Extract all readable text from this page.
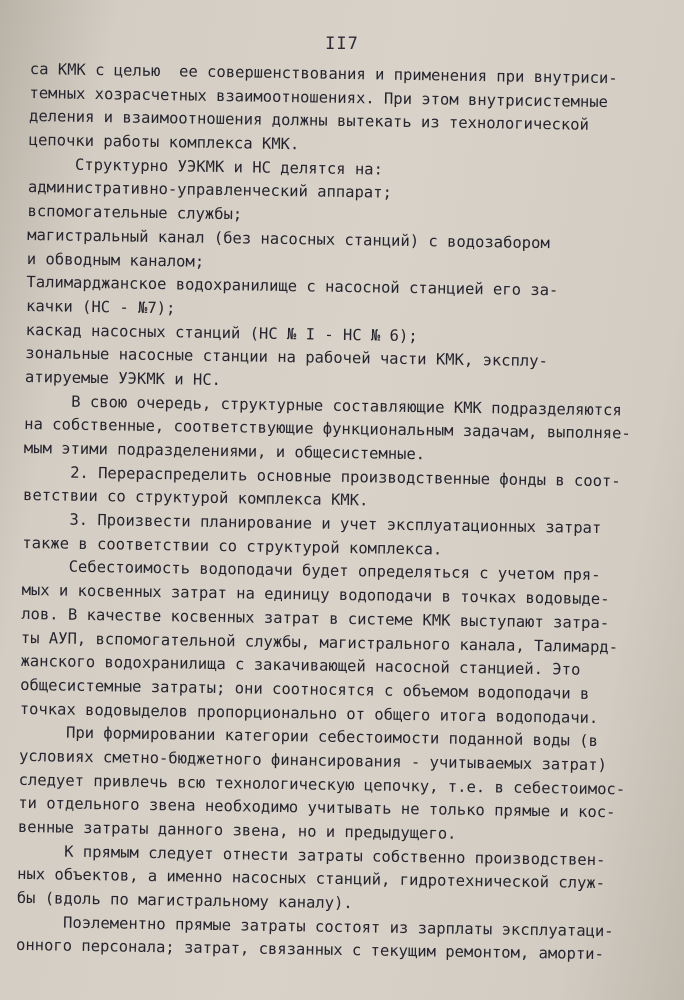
II7
са КМК с целью  ее совершенствования и применения при внутриси-
темных хозрасчетных взаимоотношениях. При этом внутрисистемные
деления и взаимоотношения должны вытекать из технологической
цепочки работы комплекса КМК.
Структурно УЭКМК и НС делятся на:
административно-управленческий аппарат;
вспомогательные службы;
магистральный канал (без насосных станций) с водозабором
и обводным каналом;
Талимарджанское водохранилище с насосной станцией его за-
качки (НС - №7);
каскад насосных станций (НС № I - НС № 6);
зональные насосные станции на рабочей части КМК, эксплу-
атируемые УЭКМК и НС.
В свою очередь, структурные составляющие КМК подразделяются
на собственные, соответствующие функциональным задачам, выполняе-
мым этими подразделениями, и общесистемные.
2. Перераспределить основные производственные фонды в соот-
ветствии со структурой комплекса КМК.
3. Произвести планирование и учет эксплуатационных затрат
также в соответствии со структурой комплекса.
Себестоимость водоподачи будет определяться с учетом пря-
мых и косвенных затрат на единицу водоподачи в точках водовыде-
лов. В качестве косвенных затрат в системе КМК выступают затра-
ты АУП, вспомогательной службы, магистрального канала, Талимард-
жанского водохранилища с закачивающей насосной станцией. Это
общесистемные затраты; они соотносятся с объемом водоподачи в
точках водовыделов пропорционально от общего итога водоподачи.
При формировании категории себестоимости поданной воды (в
условиях сметно-бюджетного финансирования - учитываемых затрат)
следует привлечь всю технологическую цепочку, т.е. в себестоимос-
ти отдельного звена необходимо учитывать не только прямые и кос-
венные затраты данного звена, но и предыдущего.
К прямым следует отнести затраты собственно производствен-
ных объектов, а именно насосных станций, гидротехнической служ-
бы (вдоль по магистральному каналу).
Поэлементно прямые затраты состоят из зарплаты эксплуатаци-
онного персонала; затрат, связанных с текущим ремонтом, аморти-
